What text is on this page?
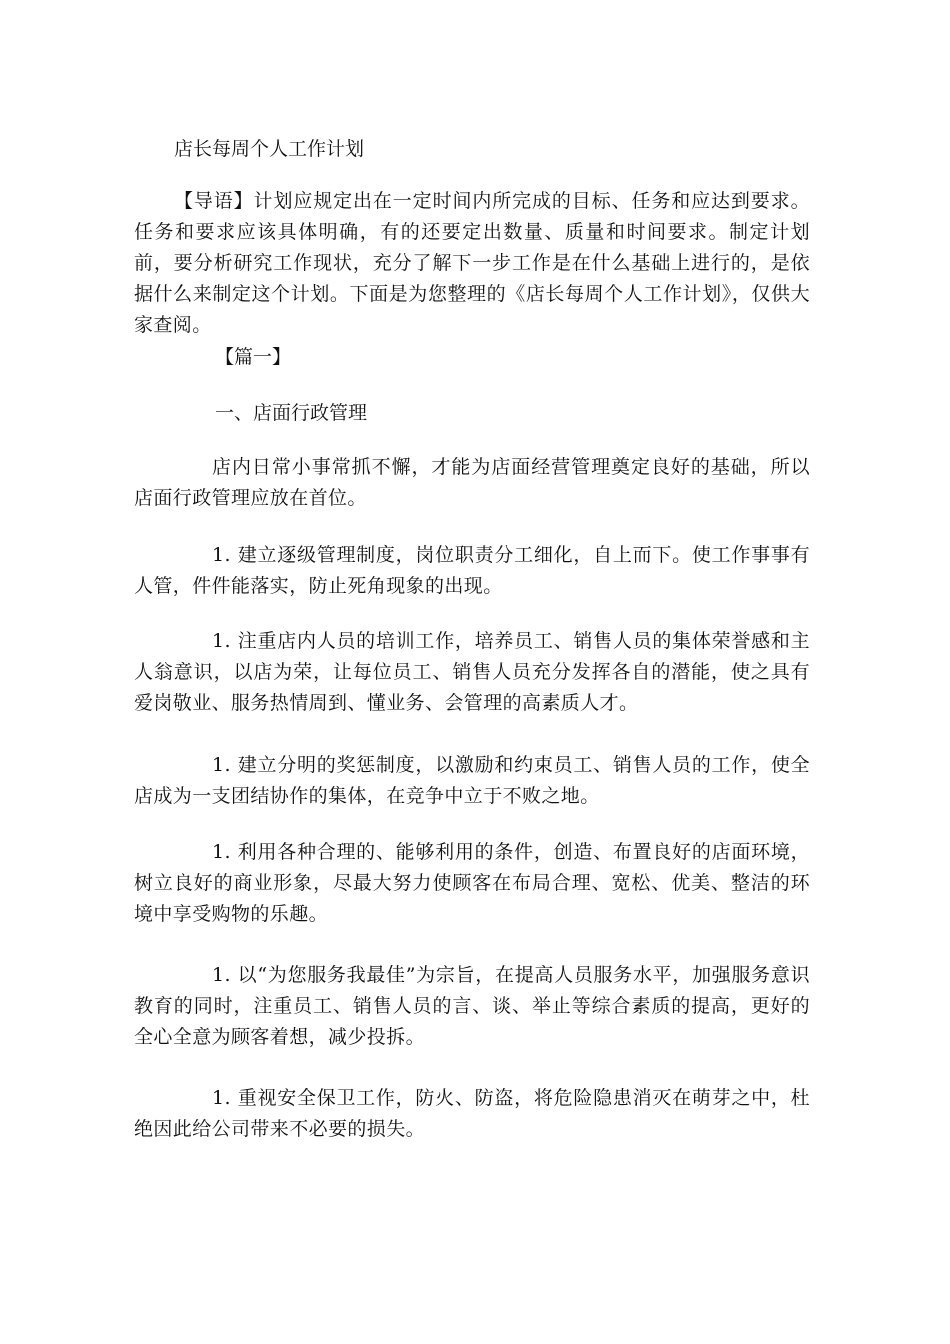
店长每周个人工作计划

【导语】计划应规定出在一定时间内所完成的目标、任务和应达到要求。任务和要求应该具体明确，有的还要定出数量、质量和时间要求。制定计划前，要分析研究工作现状，充分了解下一步工作是在什么基础上进行的，是依据什么来制定这个计划。下面是为您整理的《店长每周个人工作计划》，仅供大家查阅。

【篇一】
一、店面行政管理

店内日常小事常抓不懈，才能为店面经营管理奠定良好的基础，所以店面行政管理应放在首位。

1. 建立逐级管理制度，岗位职责分工细化，自上而下。使工作事事有人管，件件能落实，防止死角现象的出现。

1. 注重店内人员的培训工作，培养员工、销售人员的集体荣誉感和主人翁意识，以店为荣，让每位员工、销售人员充分发挥各自的潜能，使之具有爱岗敬业、服务热情周到、懂业务、会管理的高素质人才。

1. 建立分明的奖惩制度，以激励和约束员工、销售人员的工作，使全店成为一支团结协作的集体，在竞争中立于不败之地。

1. 利用各种合理的、能够利用的条件，创造、布置良好的店面环境，树立良好的商业形象，尽最大努力使顾客在布局合理、宽松、优美、整洁的环境中享受购物的乐趣。

1. 以“为您服务我最佳”为宗旨，在提高人员服务水平，加强服务意识教育的同时，注重员工、销售人员的言、谈、举止等综合素质的提高，更好的全心全意为顾客着想，减少投拆。

1. 重视安全保卫工作，防火、防盗，将危险隐患消灭在萌芽之中，杜绝因此给公司带来不必要的损失。
